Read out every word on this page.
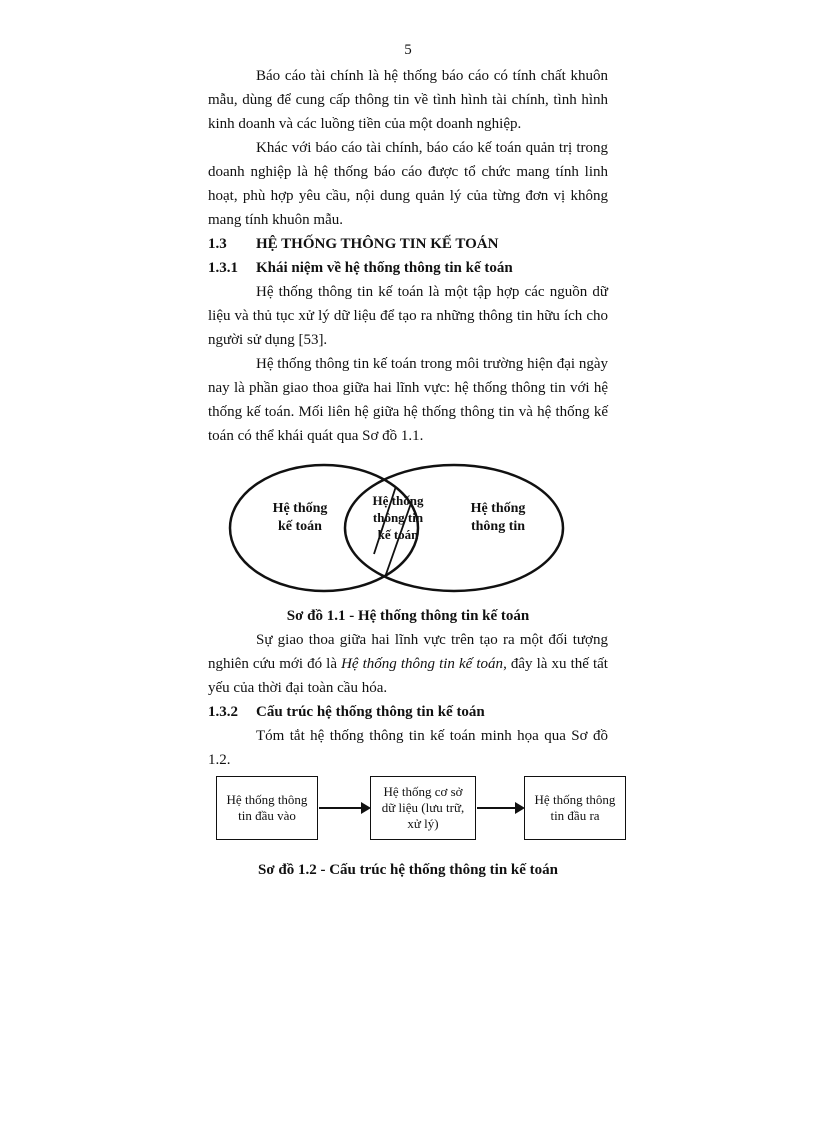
5

Báo cáo tài chính là hệ thống báo cáo có tính chất khuôn mẫu, dùng để cung cấp thông tin về tình hình tài chính, tình hình kinh doanh và các luồng tiền của một doanh nghiệp.

Khác với báo cáo tài chính, báo cáo kế toán quản trị trong doanh nghiệp là hệ thống báo cáo được tổ chức mang tính linh hoạt, phù hợp yêu cầu, nội dung quản lý của từng đơn vị không mang tính khuôn mẫu.

1.3	HỆ THỐNG THÔNG TIN KẾ TOÁN
1.3.1	Khái niệm về hệ thống thông tin kế toán

Hệ thống thông tin kế toán là một tập hợp các nguồn dữ liệu và thủ tục xử lý dữ liệu để tạo ra những thông tin hữu ích cho người sử dụng [53].

Hệ thống thông tin kế toán trong môi trường hiện đại ngày nay là phần giao thoa giữa hai lĩnh vực: hệ thống thông tin với hệ thống kế toán. Mối liên hệ giữa hệ thống thông tin và hệ thống kế toán có thể khái quát qua Sơ đồ 1.1.

Hệ thống
kế toán
Hệ thống
thông tin
kế toán
Hệ thống
thông tin
Sơ đồ 1.1 - Hệ thống thông tin kế toán

Sự giao thoa giữa hai lĩnh vực trên tạo ra một đối tượng nghiên cứu mới đó là Hệ thống thông tin kế toán, đây là xu thế tất yếu của thời đại toàn cầu hóa.

1.3.2	Cấu trúc hệ thống thông tin kế toán

Tóm tắt hệ thống thông tin kế toán minh họa qua Sơ đồ 1.2.

Hệ thống thông tin đầu vào
Hệ thống cơ sở dữ liệu (lưu trữ, xử lý)
Hệ thống thông tin đầu ra
Sơ đồ 1.2 - Cấu trúc hệ thống thông tin kế toán
